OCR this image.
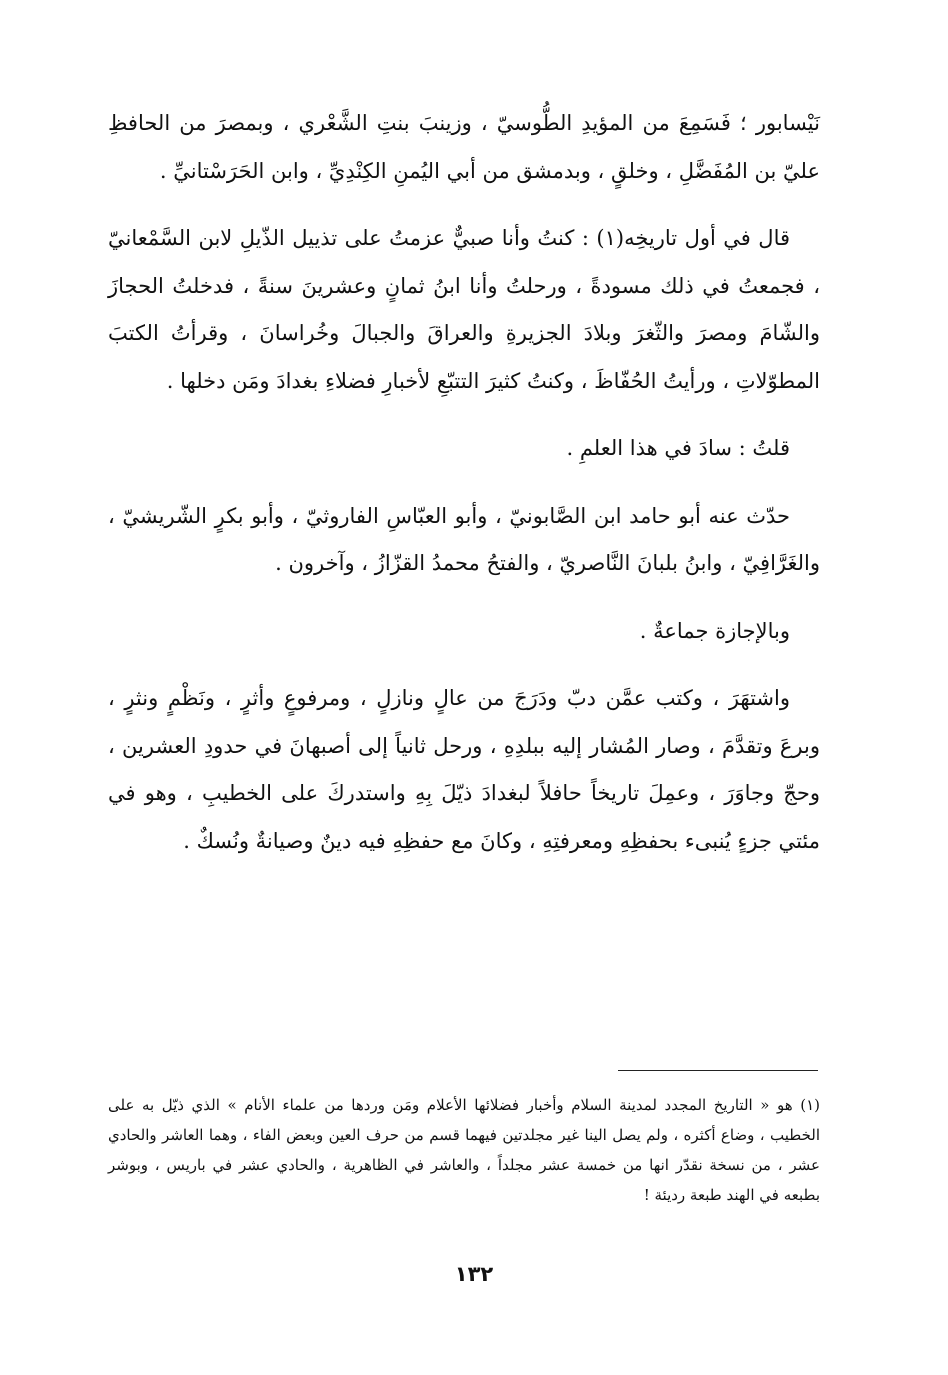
نَيْسابور ؛ فَسَمِعَ من المؤيدِ الطُّوسيّ ، وزينبَ بنتِ الشَّعْري ، وبمصرَ من الحافظِ عليّ بن المُفَضَّلِ ، وخلقٍ ، وبدمشق من أبي اليُمنِ الكِنْدِيِّ ، وابن الحَرَسْتانيِّ .

قال في أول تاريخِه(١) : كنتُ وأنا صبيٌّ عزمتُ على تذييل الذّيلِ لابن السَّمْعانيّ ، فجمعتُ في ذلك مسودةً ، ورحلتُ وأنا ابنُ ثمانٍ وعشرينَ سنةً ، فدخلتُ الحجازَ والشّامَ ومصرَ والثّغرَ وبلادَ الجزيرةِ والعراقَ والجبالَ وخُراسانَ ، وقرأتُ الكتبَ المطوّلاتِ ، ورأيتُ الحُفّاظَ ، وكنتُ كثيرَ التتبّعِ لأخبارِ فضلاءِ بغدادَ ومَن دخلها .

قلتُ : سادَ في هذا العلمِ .

حدّث عنه أبو حامد ابن الصَّابونيّ ، وأبو العبّاسِ الفاروثيّ ، وأبو بكرٍ الشّريشيّ ، والغَرَّافِيّ ، وابنُ بلبانَ النَّاصريّ ، والفتحُ محمدُ القزّازُ ، وآخرون .

وبالإجازة جماعةٌ .

واشتهَرَ ، وكتب عمَّن دبّ ودَرَجَ من عالٍ ونازلٍ ، ومرفوعٍ وأثرٍ ، ونَظْمٍ ونثرٍ ، وبرعَ وتقدَّمَ ، وصار المُشار إليه ببلدِهِ ، ورحل ثانياً إلى أصبهانَ في حدودِ العشرين ، وحجّ وجاوَرَ ، وعمِلَ تاريخاً حافلاً لبغدادَ ذيّلَ بِهِ واستدركَ على الخطيبِ ، وهو في مئتي جزءٍ يُنبىء بحفظِهِ ومعرفتِهِ ، وكانَ مع حفظِهِ فيه دينٌ وصيانةٌ ونُسكٌ .

(١) هو « التاريخ المجدد لمدينة السلام وأخبار فضلائها الأعلام ومَن وردها من علماء الأنام » الذي ذيّل به على الخطيب ، وضاع أكثره ، ولم يصل الينا غير مجلدتين فيهما قسم من حرف العين وبعض الفاء ، وهما العاشر والحادي عشر ، من نسخة نقدّر انها من خمسة عشر مجلداً ، والعاشر في الظاهرية ، والحادي عشر في باريس ، وبوشر بطبعه في الهند طبعة رديئة !

١٣٢
